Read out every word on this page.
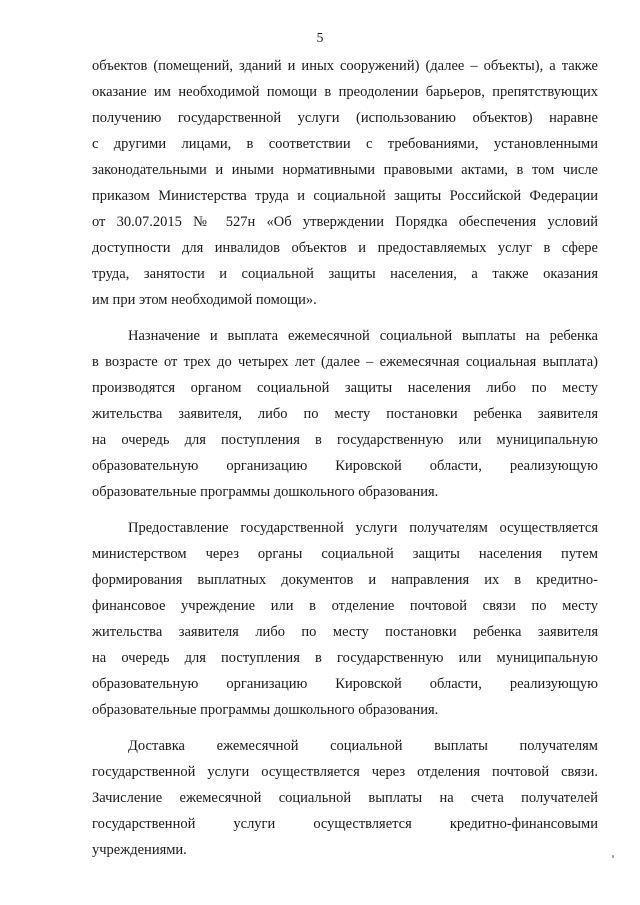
5

объектов (помещений, зданий и иных сооружений) (далее – объекты), а также

оказание им необходимой помощи в преодолении барьеров, препятствующих

получению государственной услуги (использованию объектов) наравне

с другими лицами, в соответствии с требованиями, установленными

законодательными и иными нормативными правовыми актами, в том числе

приказом Министерства труда и социальной защиты Российской Федерации

от 30.07.2015 № 527н «Об утверждении Порядка обеспечения условий

доступности для инвалидов объектов и предоставляемых услуг в сфере

труда, занятости и социальной защиты населения, а также оказания

им при этом необходимой помощи».

Назначение и выплата ежемесячной социальной выплаты на ребенка

в возрасте от трех до четырех лет (далее – ежемесячная социальная выплата)

производятся органом социальной защиты населения либо по месту

жительства заявителя, либо по месту постановки ребенка заявителя

на очередь для поступления в государственную или муниципальную

образовательную организацию Кировской области, реализующую

образовательные программы дошкольного образования.

Предоставление государственной услуги получателям осуществляется

министерством через органы социальной защиты населения путем

формирования выплатных документов и направления их в кредитно-

финансовое учреждение или в отделение почтовой связи по месту

жительства заявителя либо по месту постановки ребенка заявителя

на очередь для поступления в государственную или муниципальную

образовательную организацию Кировской области, реализующую

образовательные программы дошкольного образования.

Доставка ежемесячной социальной выплаты получателям

государственной услуги осуществляется через отделения почтовой связи.

Зачисление ежемесячной социальной выплаты на счета получателей

государственной услуги осуществляется кредитно-финансовыми

учреждениями.
